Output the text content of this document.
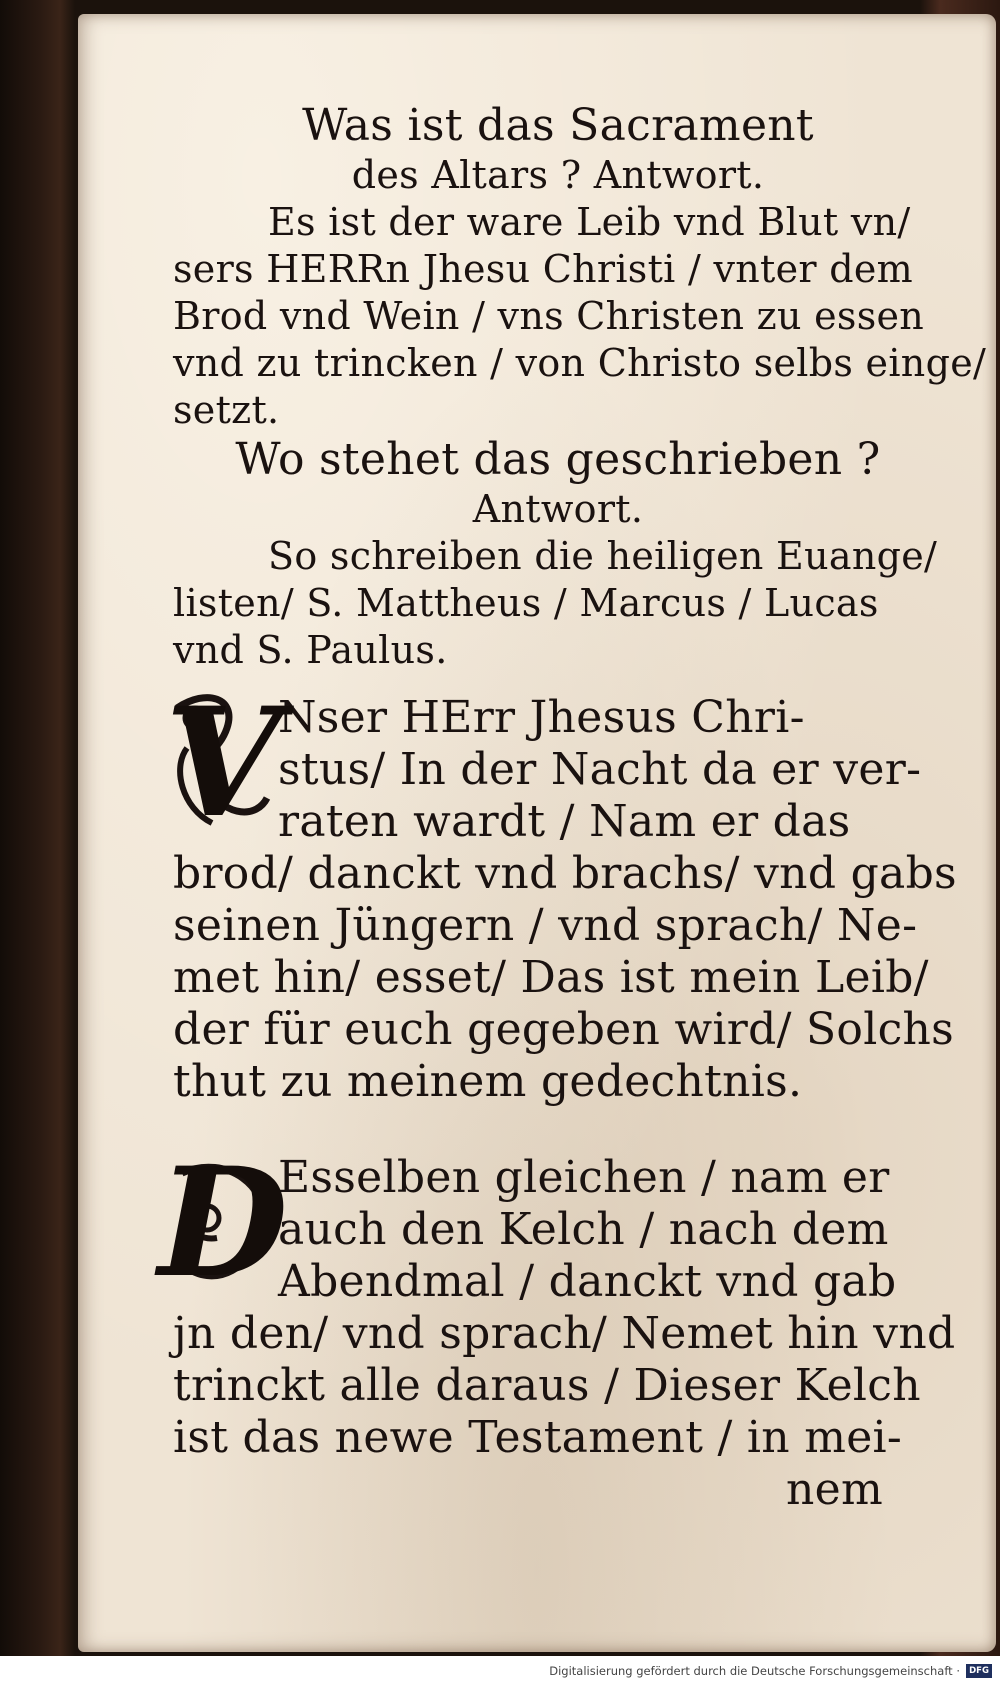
Was ist das Sacrament
des Altars ? Antwort.
Es ist der ware Leib vnd Blut vn/
sers HERRn Jhesu Christi / vnter dem
Brod vnd Wein / vns Christen zu essen
vnd zu trincken / von Christo selbs einge/
setzt.
Wo stehet das geschrieben ?
Antwort.
So schreiben die heiligen Euange/
listen/ S. Mattheus / Marcus / Lucas
vnd S. Paulus.
V
Nser HErr Jhesus Chri-
stus/ In der Nacht da er ver-
raten wardt / Nam er das
brod/ danckt vnd brachs/ vnd gabs
seinen Jüngern / vnd sprach/ Ne-
met hin/ esset/ Das ist mein Leib/
der für euch gegeben wird/ Solchs
thut zu meinem gedechtnis.
D
Esselben gleichen / nam er
auch den Kelch / nach dem
Abendmal / danckt vnd gab
jn den/ vnd sprach/ Nemet hin vnd
trinckt alle daraus / Dieser Kelch
ist das newe Testament / in mei-
nem
Digitalisierung gefördert durch die Deutsche Forschungsgemeinschaft ·	DFG
